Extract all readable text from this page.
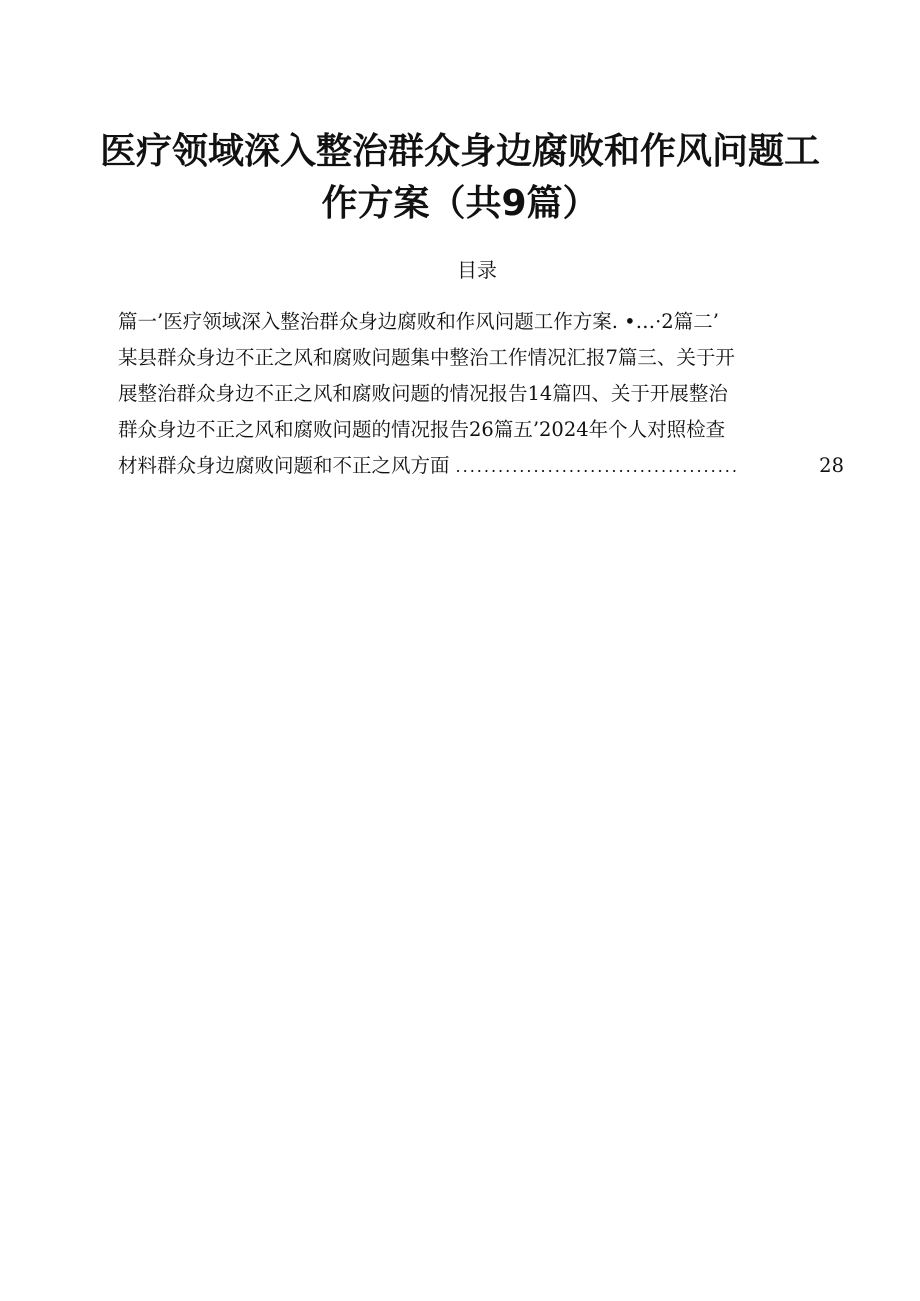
医疗领域深入整治群众身边腐败和作风问题工
作方案（共9篇）
目录
篇一’医疗领域深入整治群众身边腐败和作风问题工作方案. •…·2篇二’
某县群众身边不正之风和腐败问题集中整治工作情况汇报7篇三、关于开
展整治群众身边不正之风和腐败问题的情况报告14篇四、关于开展整治
群众身边不正之风和腐败问题的情况报告26篇五’2024年个人对照检查
材料群众身边腐败问题和不正之风方面 ........................................	28
